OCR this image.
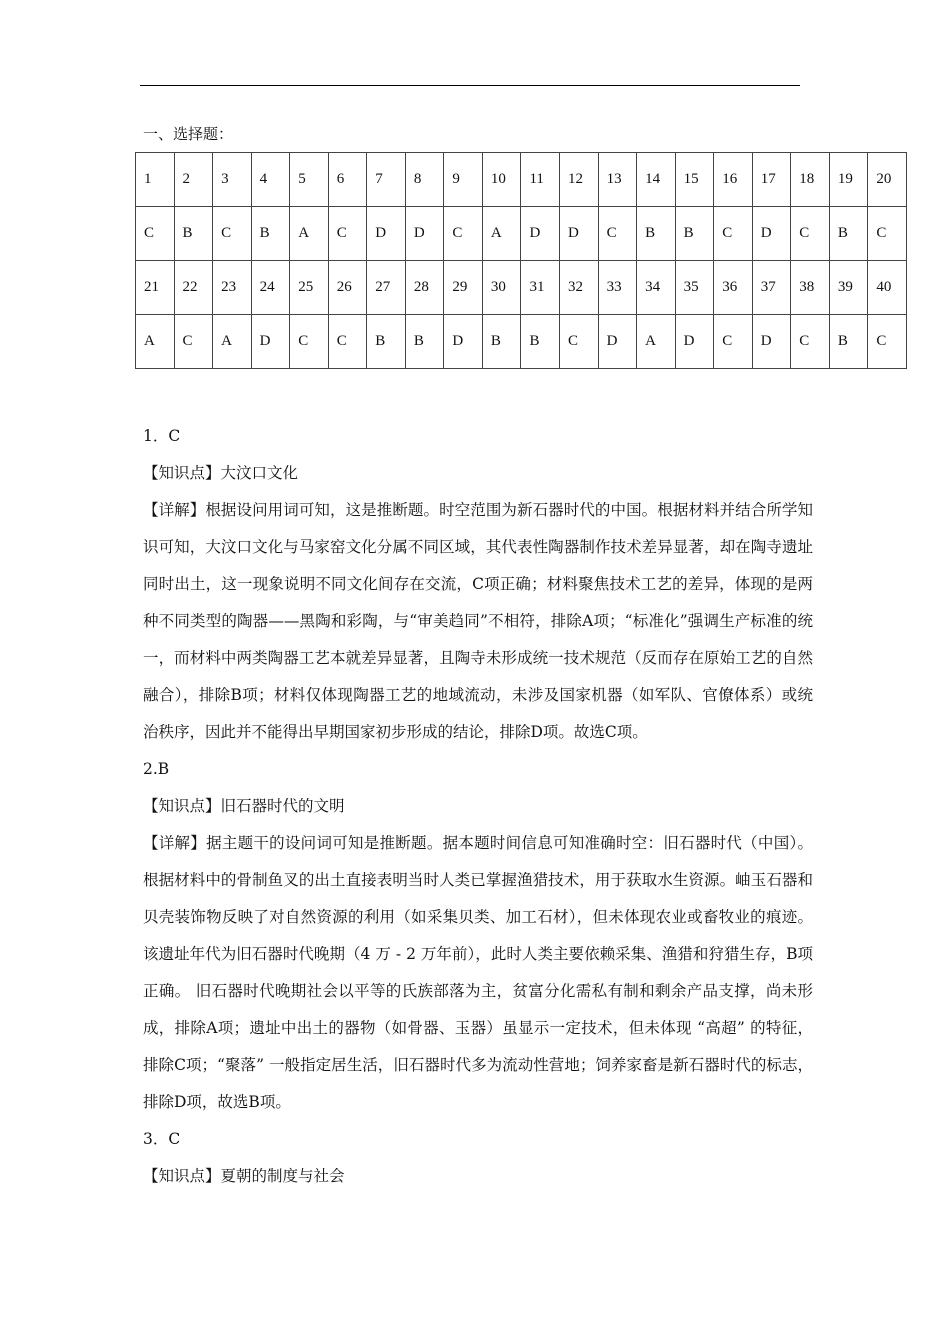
一、选择题：
1	2	3	4	5	6	7	8	9	10	11	12	13	14	15	16	17	18	19	20
C	B	C	B	A	C	D	D	C	A	D	D	C	B	B	C	D	C	B	C
21	22	23	24	25	26	27	28	29	30	31	32	33	34	35	36	37	38	39	40
A	C	A	D	C	C	B	B	D	B	B	C	D	A	D	C	D	C	B	C

1．C

【知识点】大汶口文化

【详解】根据设问用词可知，这是推断题。时空范围为新石器时代的中国。根据材料并结合所学知识可知，大汶口文化与马家窑文化分属不同区域，其代表性陶器制作技术差异显著，却在陶寺遗址同时出土，这一现象说明不同文化间存在交流，C项正确；材料聚焦技术工艺的差异，体现的是两种不同类型的陶器——黑陶和彩陶，与“审美趋同”不相符，排除A项；“标准化”强调生产标准的统一，而材料中两类陶器工艺本就差异显著，且陶寺未形成统一技术规范（反而存在原始工艺的自然融合），排除B项；材料仅体现陶器工艺的地域流动，未涉及国家机器（如军队、官僚体系）或统治秩序，因此并不能得出早期国家初步形成的结论，排除D项。故选C项。

2.B

【知识点】旧石器时代的文明

【详解】据主题干的设问词可知是推断题。据本题时间信息可知准确时空：旧石器时代（中国）。根据材料中的骨制鱼叉的出土直接表明当时人类已掌握渔猎技术，用于获取水生资源。岫玉石器和贝壳装饰物反映了对自然资源的利用（如采集贝类、加工石材），但未体现农业或畜牧业的痕迹。 该遗址年代为旧石器时代晚期（4 万 - 2 万年前），此时人类主要依赖采集、渔猎和狩猎生存，B项正确。 旧石器时代晚期社会以平等的氏族部落为主，贫富分化需私有制和剩余产品支撑，尚未形成，排除A项；遗址中出土的器物（如骨器、玉器）虽显示一定技术，但未体现 “高超” 的特征，排除C项；“聚落” 一般指定居生活，旧石器时代多为流动性营地；饲养家畜是新石器时代的标志，排除D项，故选B项。

3．C

【知识点】夏朝的制度与社会
